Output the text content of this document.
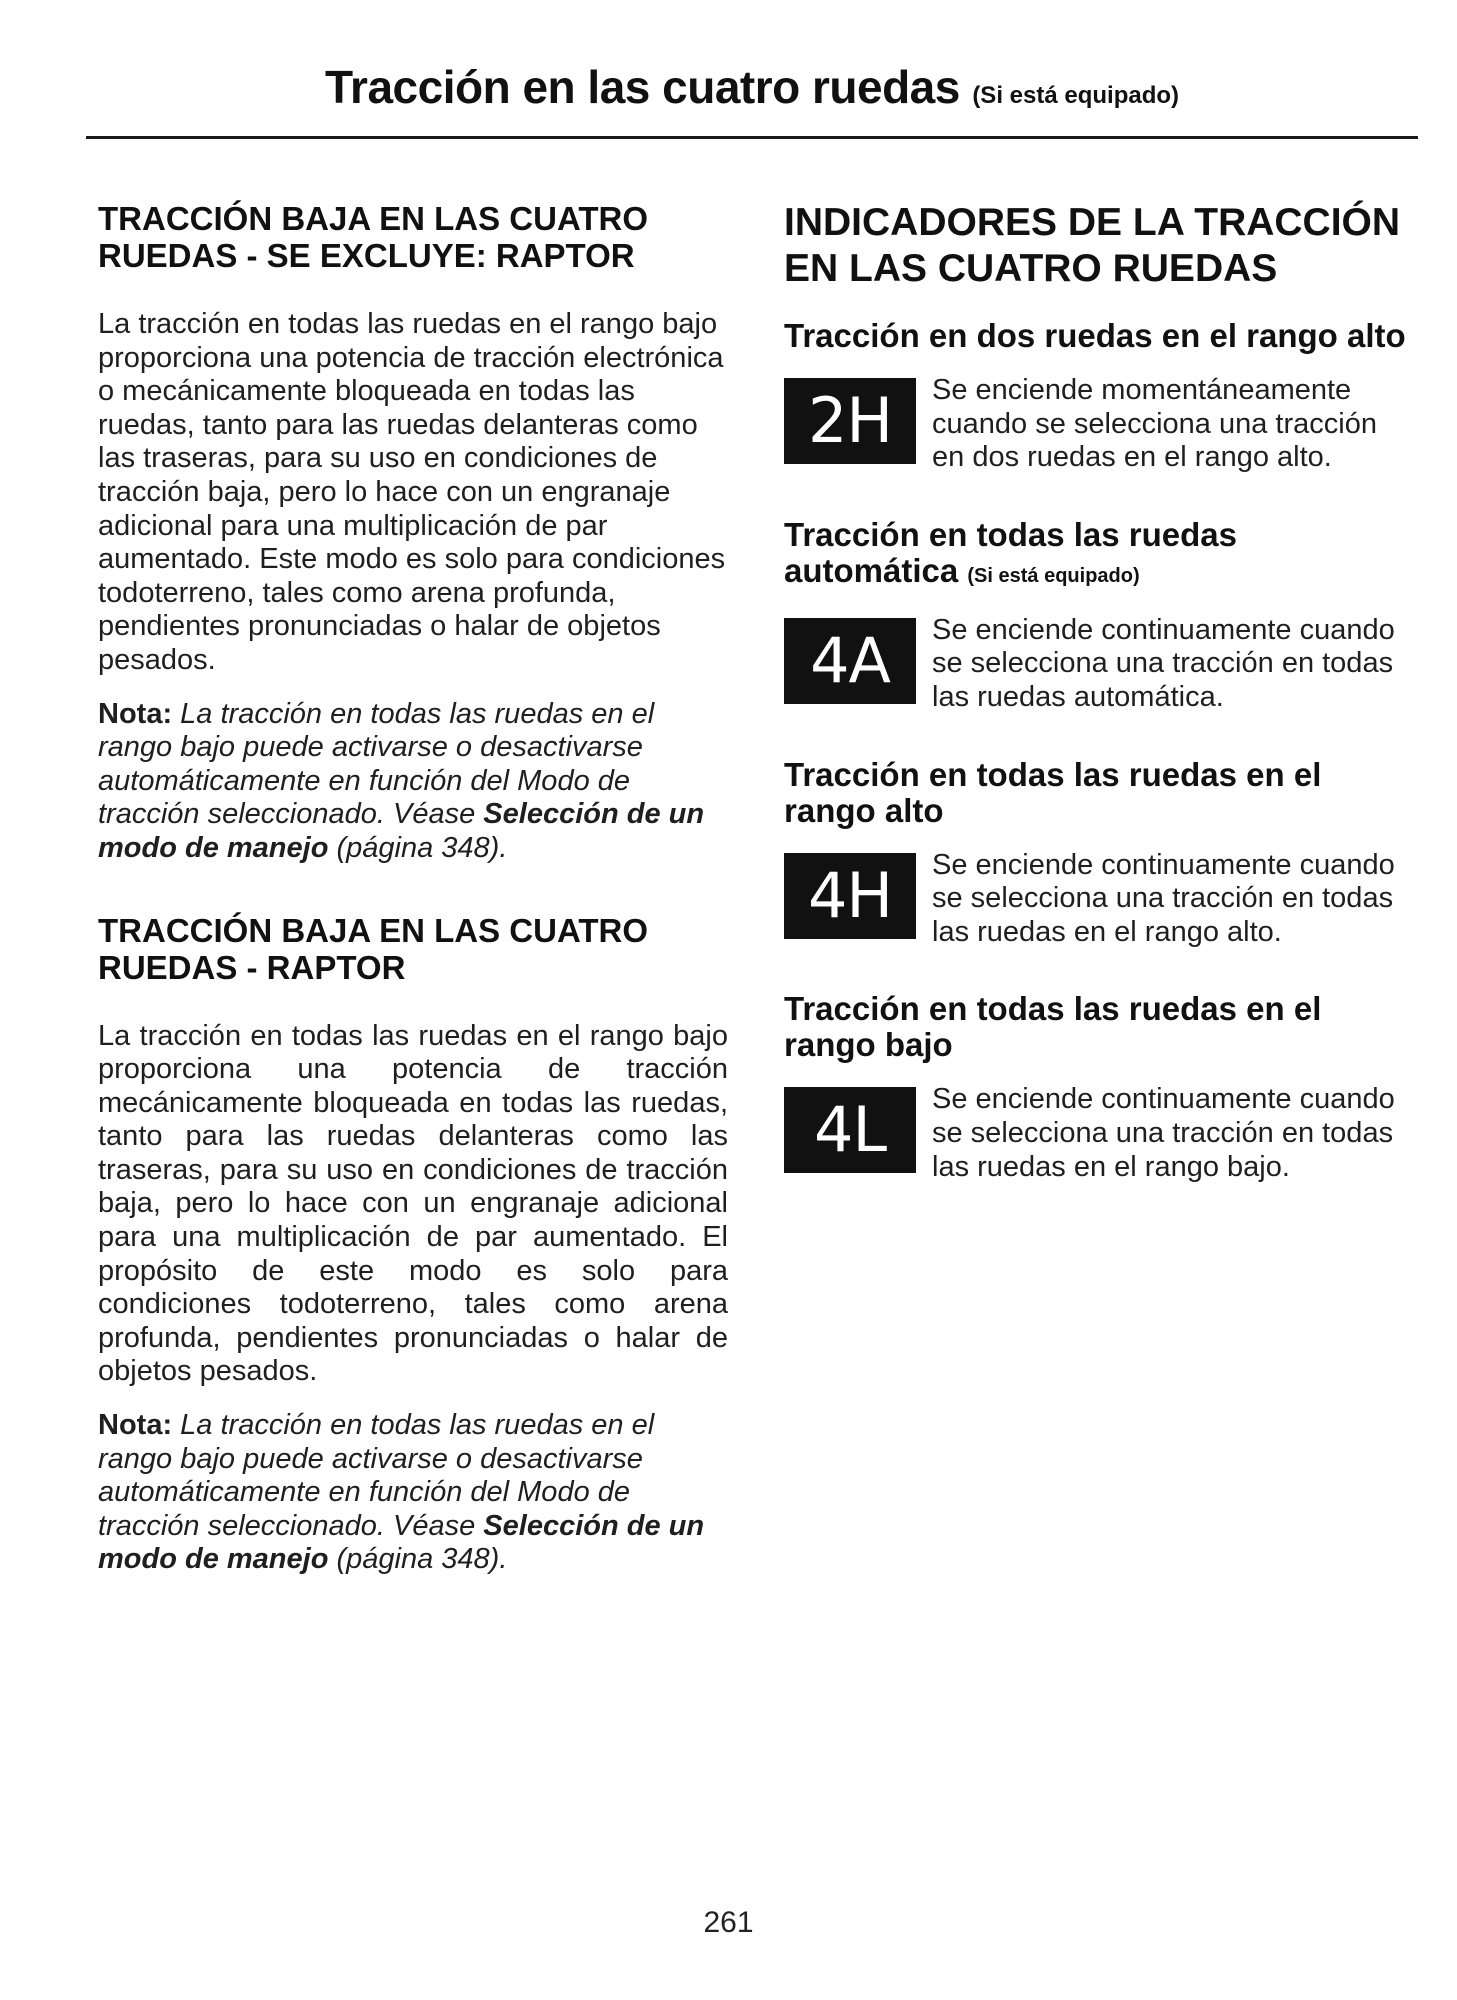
Tracción en las cuatro ruedas (Si está equipado)
TRACCIÓN BAJA EN LAS CUATRO RUEDAS - SE EXCLUYE: RAPTOR

La tracción en todas las ruedas en el rango bajo proporciona una potencia de tracción electrónica o mecánicamente bloqueada en todas las ruedas, tanto para las ruedas delanteras como las traseras, para su uso en condiciones de tracción baja, pero lo hace con un engranaje adicional para una multiplicación de par aumentado. Este modo es solo para condiciones todoterreno, tales como arena profunda, pendientes pronunciadas o halar de objetos pesados.

Nota: La tracción en todas las ruedas en el rango bajo puede activarse o desactivarse automáticamente en función del Modo de tracción seleccionado. Véase Selección de un modo de manejo (página 348).

TRACCIÓN BAJA EN LAS CUATRO RUEDAS - RAPTOR

La tracción en todas las ruedas en el rango bajo proporciona una potencia de tracción mecánicamente bloqueada en todas las ruedas, tanto para las ruedas delanteras como las traseras, para su uso en condiciones de tracción baja, pero lo hace con un engranaje adicional para una multiplicación de par aumentado. El propósito de este modo es solo para condiciones todoterreno, tales como arena profunda, pendientes pronunciadas o halar de objetos pesados.

Nota: La tracción en todas las ruedas en el rango bajo puede activarse o desactivarse automáticamente en función del Modo de tracción seleccionado. Véase Selección de un modo de manejo (página 348).

INDICADORES DE LA TRACCIÓN EN LAS CUATRO RUEDAS
Tracción en dos ruedas en el rango alto
2H	Se enciende momentáneamente cuando se selecciona una tracción en dos ruedas en el rango alto.

Tracción en todas las ruedas automática (Si está equipado)
4A	Se enciende continuamente cuando se selecciona una tracción en todas las ruedas automática.

Tracción en todas las ruedas en el rango alto
4H	Se enciende continuamente cuando se selecciona una tracción en todas las ruedas en el rango alto.

Tracción en todas las ruedas en el rango bajo
4L	Se enciende continuamente cuando se selecciona una tracción en todas las ruedas en el rango bajo.

261
